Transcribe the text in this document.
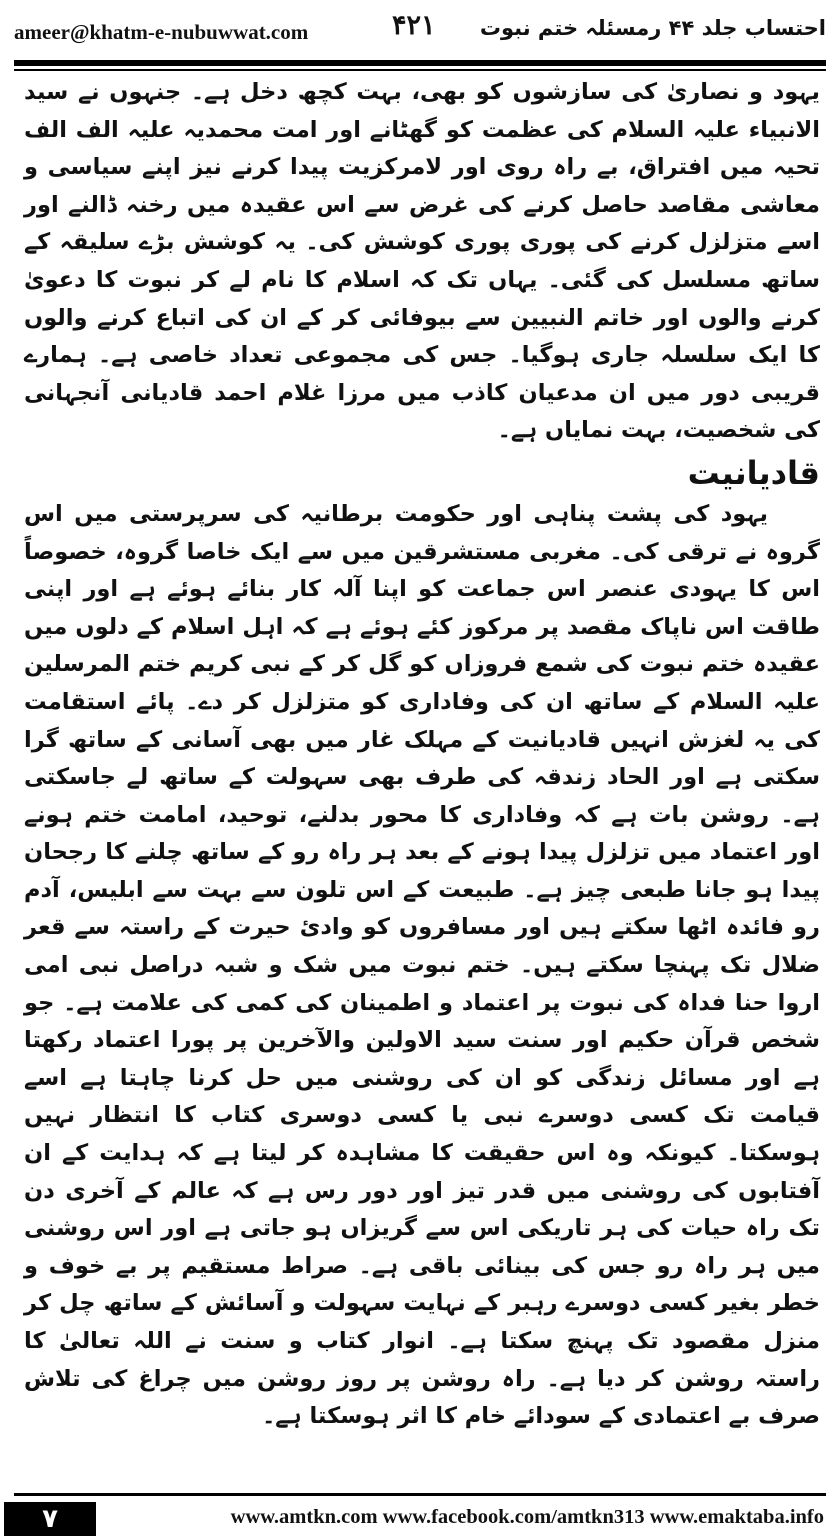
ameer@khatm-e-nubuwwat.com	۴۲۱ احتساب جلد ۴۴ رمسئلہ ختم نبوت

یہود و نصاریٰ کی سازشوں کو بھی، بہت کچھ دخل ہے۔ جنہوں نے سید الانبیاء علیہ السلام کی عظمت کو گھٹانے اور امت محمدیہ علیہ الف الف تحیہ میں افتراق، بے راہ روی اور لامرکزیت پیدا کرنے نیز اپنے سیاسی و معاشی مقاصد حاصل کرنے کی غرض سے اس عقیدہ میں رخنہ ڈالنے اور اسے متزلزل کرنے کی پوری پوری کوشش کی۔ یہ کوشش بڑے سلیقہ کے ساتھ مسلسل کی گئی۔ یہاں تک کہ اسلام کا نام لے کر نبوت کا دعویٰ کرنے والوں اور خاتم النبیین سے بیوفائی کر کے ان کی اتباع کرنے والوں کا ایک سلسلہ جاری ہوگیا۔ جس کی مجموعی تعداد خاصی ہے۔ ہمارے قریبی دور میں ان مدعیان کاذب میں مرزا غلام احمد قادیانی آنجہانی کی شخصیت، بہت نمایاں ہے۔

قادیانیت

یہود کی پشت پناہی اور حکومت برطانیہ کی سرپرستی میں اس گروہ نے ترقی کی۔ مغربی مستشرقین میں سے ایک خاصا گروہ، خصوصاً اس کا یہودی عنصر اس جماعت کو اپنا آلہ کار بنائے ہوئے ہے اور اپنی طاقت اس ناپاک مقصد پر مرکوز کئے ہوئے ہے کہ اہل اسلام کے دلوں میں عقیدہ ختم نبوت کی شمع فروزاں کو گل کر کے نبی کریم ختم المرسلین علیہ السلام کے ساتھ ان کی وفاداری کو متزلزل کر دے۔ پائے استقامت کی یہ لغزش انہیں قادیانیت کے مہلک غار میں بھی آسانی کے ساتھ گرا سکتی ہے اور الحاد زندقہ کی طرف بھی سہولت کے ساتھ لے جاسکتی ہے۔ روشن بات ہے کہ وفاداری کا محور بدلنے، توحید، امامت ختم ہونے اور اعتماد میں تزلزل پیدا ہونے کے بعد ہر راہ رو کے ساتھ چلنے کا رجحان پیدا ہو جانا طبعی چیز ہے۔ طبیعت کے اس تلون سے بہت سے ابلیس، آدم رو فائدہ اٹھا سکتے ہیں اور مسافروں کو وادیٔ حیرت کے راستہ سے قعر ضلال تک پہنچا سکتے ہیں۔ ختم نبوت میں شک و شبہ دراصل نبی امی اروا حنا فداہ کی نبوت پر اعتماد و اطمینان کی کمی کی علامت ہے۔ جو شخص قرآن حکیم اور سنت سید الاولین والآخرین پر پورا اعتماد رکھتا ہے اور مسائل زندگی کو ان کی روشنی میں حل کرنا چاہتا ہے اسے قیامت تک کسی دوسرے نبی یا کسی دوسری کتاب کا انتظار نہیں ہوسکتا۔ کیونکہ وہ اس حقیقت کا مشاہدہ کر لیتا ہے کہ ہدایت کے ان آفتابوں کی روشنی میں قدر تیز اور دور رس ہے کہ عالم کے آخری دن تک راہ حیات کی ہر تاریکی اس سے گریزاں ہو جاتی ہے اور اس روشنی میں ہر راہ رو جس کی بینائی باقی ہے۔ صراط مستقیم پر بے خوف و خطر بغیر کسی دوسرے رہبر کے نہایت سہولت و آسائش کے ساتھ چل کر منزل مقصود تک پہنچ سکتا ہے۔ انوار کتاب و سنت نے اللہ تعالیٰ کا راستہ روشن کر دیا ہے۔ راہ روشن پر روز روشن میں چراغ کی تلاش صرف بے اعتمادی کے سودائے خام کا اثر ہوسکتا ہے۔

۷	www.amtkn.com www.facebook.com/amtkn313 www.emaktaba.info
